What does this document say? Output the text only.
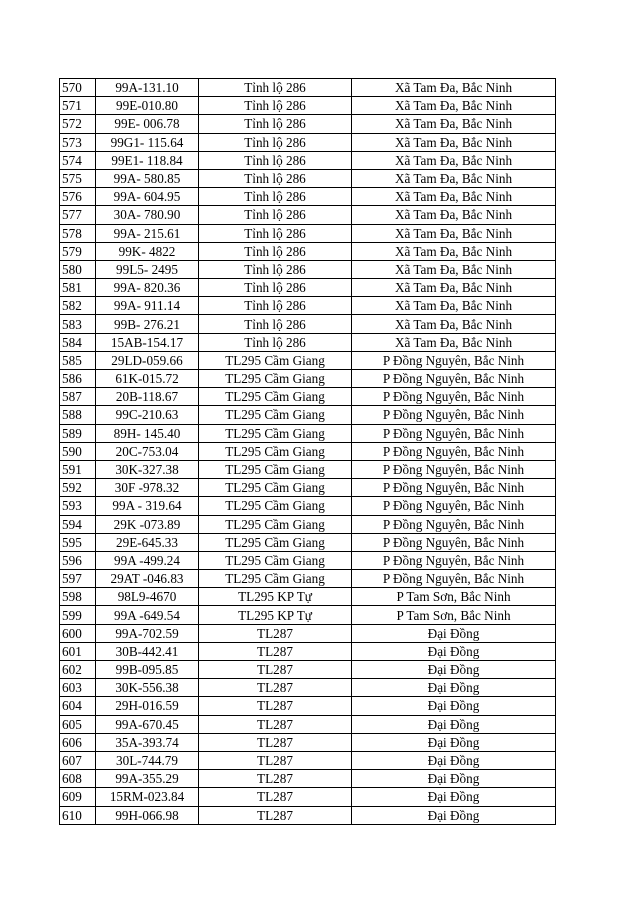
570	99A-131.10	Tỉnh lộ 286	Xã Tam Đa, Bắc Ninh
571	99E-010.80	Tỉnh lộ 286	Xã Tam Đa, Bắc Ninh
572	99E- 006.78	Tỉnh lộ 286	Xã Tam Đa, Bắc Ninh
573	99G1- 115.64	Tỉnh lộ 286	Xã Tam Đa, Bắc Ninh
574	99E1- 118.84	Tỉnh lộ 286	Xã Tam Đa, Bắc Ninh
575	99A- 580.85	Tỉnh lộ 286	Xã Tam Đa, Bắc Ninh
576	99A- 604.95	Tỉnh lộ 286	Xã Tam Đa, Bắc Ninh
577	30A- 780.90	Tỉnh lộ 286	Xã Tam Đa, Bắc Ninh
578	99A- 215.61	Tỉnh lộ 286	Xã Tam Đa, Bắc Ninh
579	99K- 4822	Tỉnh lộ 286	Xã Tam Đa, Bắc Ninh
580	99L5- 2495	Tỉnh lộ 286	Xã Tam Đa, Bắc Ninh
581	99A- 820.36	Tỉnh lộ 286	Xã Tam Đa, Bắc Ninh
582	99A- 911.14	Tỉnh lộ 286	Xã Tam Đa, Bắc Ninh
583	99B- 276.21	Tỉnh lộ 286	Xã Tam Đa, Bắc Ninh
584	15AB-154.17	Tỉnh lộ 286	Xã Tam Đa, Bắc Ninh
585	29LD-059.66	TL295 Cầm Giang	P Đồng Nguyên, Bắc Ninh
586	61K-015.72	TL295 Cầm Giang	P Đồng Nguyên, Bắc Ninh
587	20B-118.67	TL295 Cầm Giang	P Đồng Nguyên, Bắc Ninh
588	99C-210.63	TL295 Cầm Giang	P Đồng Nguyên, Bắc Ninh
589	89H- 145.40	TL295 Cầm Giang	P Đồng Nguyên, Bắc Ninh
590	20C-753.04	TL295 Cầm Giang	P Đồng Nguyên, Bắc Ninh
591	30K-327.38	TL295 Cầm Giang	P Đồng Nguyên, Bắc Ninh
592	30F -978.32	TL295 Cầm Giang	P Đồng Nguyên, Bắc Ninh
593	99A - 319.64	TL295 Cầm Giang	P Đồng Nguyên, Bắc Ninh
594	29K -073.89	TL295 Cầm Giang	P Đồng Nguyên, Bắc Ninh
595	29E-645.33	TL295 Cầm Giang	P Đồng Nguyên, Bắc Ninh
596	99A -499.24	TL295 Cầm Giang	P Đồng Nguyên, Bắc Ninh
597	29AT -046.83	TL295 Cầm Giang	P Đồng Nguyên, Bắc Ninh
598	98L9-4670	TL295 KP Tự	P Tam Sơn, Bắc Ninh
599	99A -649.54	TL295 KP Tự	P Tam Sơn, Bắc Ninh
600	99A-702.59	TL287	Đại Đồng
601	30B-442.41	TL287	Đại Đồng
602	99B-095.85	TL287	Đại Đồng
603	30K-556.38	TL287	Đại Đồng
604	29H-016.59	TL287	Đại Đồng
605	99A-670.45	TL287	Đại Đồng
606	35A-393.74	TL287	Đại Đồng
607	30L-744.79	TL287	Đại Đồng
608	99A-355.29	TL287	Đại Đồng
609	15RM-023.84	TL287	Đại Đồng
610	99H-066.98	TL287	Đại Đồng
